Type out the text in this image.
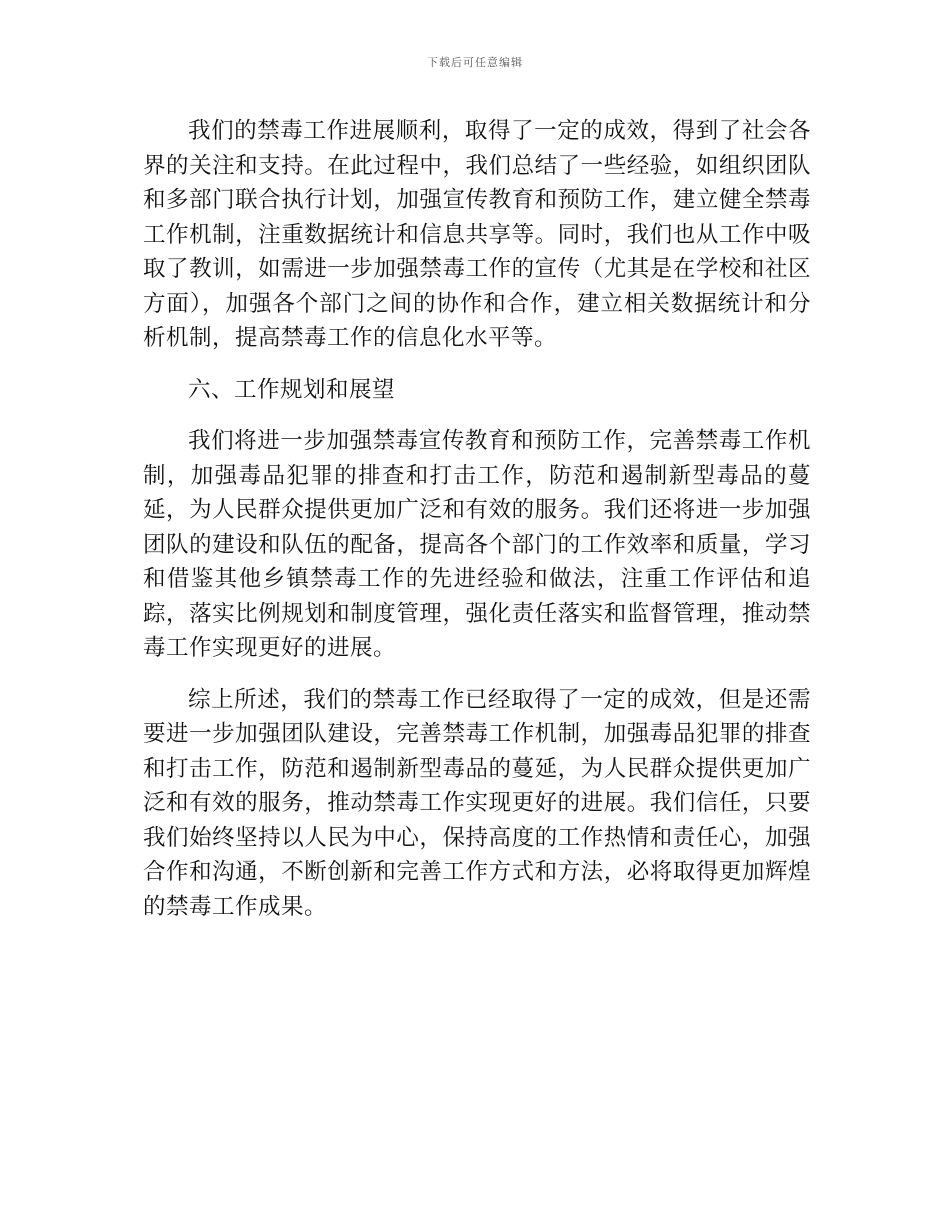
下载后可任意编辑

我们的禁毒工作进展顺利，取得了一定的成效，得到了社会各界的关注和支持。在此过程中，我们总结了一些经验，如组织团队和多部门联合执行计划，加强宣传教育和预防工作，建立健全禁毒工作机制，注重数据统计和信息共享等。同时，我们也从工作中吸取了教训，如需进一步加强禁毒工作的宣传（尤其是在学校和社区方面），加强各个部门之间的协作和合作，建立相关数据统计和分析机制，提高禁毒工作的信息化水平等。

六、工作规划和展望

我们将进一步加强禁毒宣传教育和预防工作，完善禁毒工作机制，加强毒品犯罪的排查和打击工作，防范和遏制新型毒品的蔓延，为人民群众提供更加广泛和有效的服务。我们还将进一步加强团队的建设和队伍的配备，提高各个部门的工作效率和质量，学习和借鉴其他乡镇禁毒工作的先进经验和做法，注重工作评估和追踪，落实比例规划和制度管理，强化责任落实和监督管理，推动禁毒工作实现更好的进展。

综上所述，我们的禁毒工作已经取得了一定的成效，但是还需要进一步加强团队建设，完善禁毒工作机制，加强毒品犯罪的排查和打击工作，防范和遏制新型毒品的蔓延，为人民群众提供更加广泛和有效的服务，推动禁毒工作实现更好的进展。我们信任，只要我们始终坚持以人民为中心，保持高度的工作热情和责任心，加强合作和沟通，不断创新和完善工作方式和方法，必将取得更加辉煌的禁毒工作成果。
